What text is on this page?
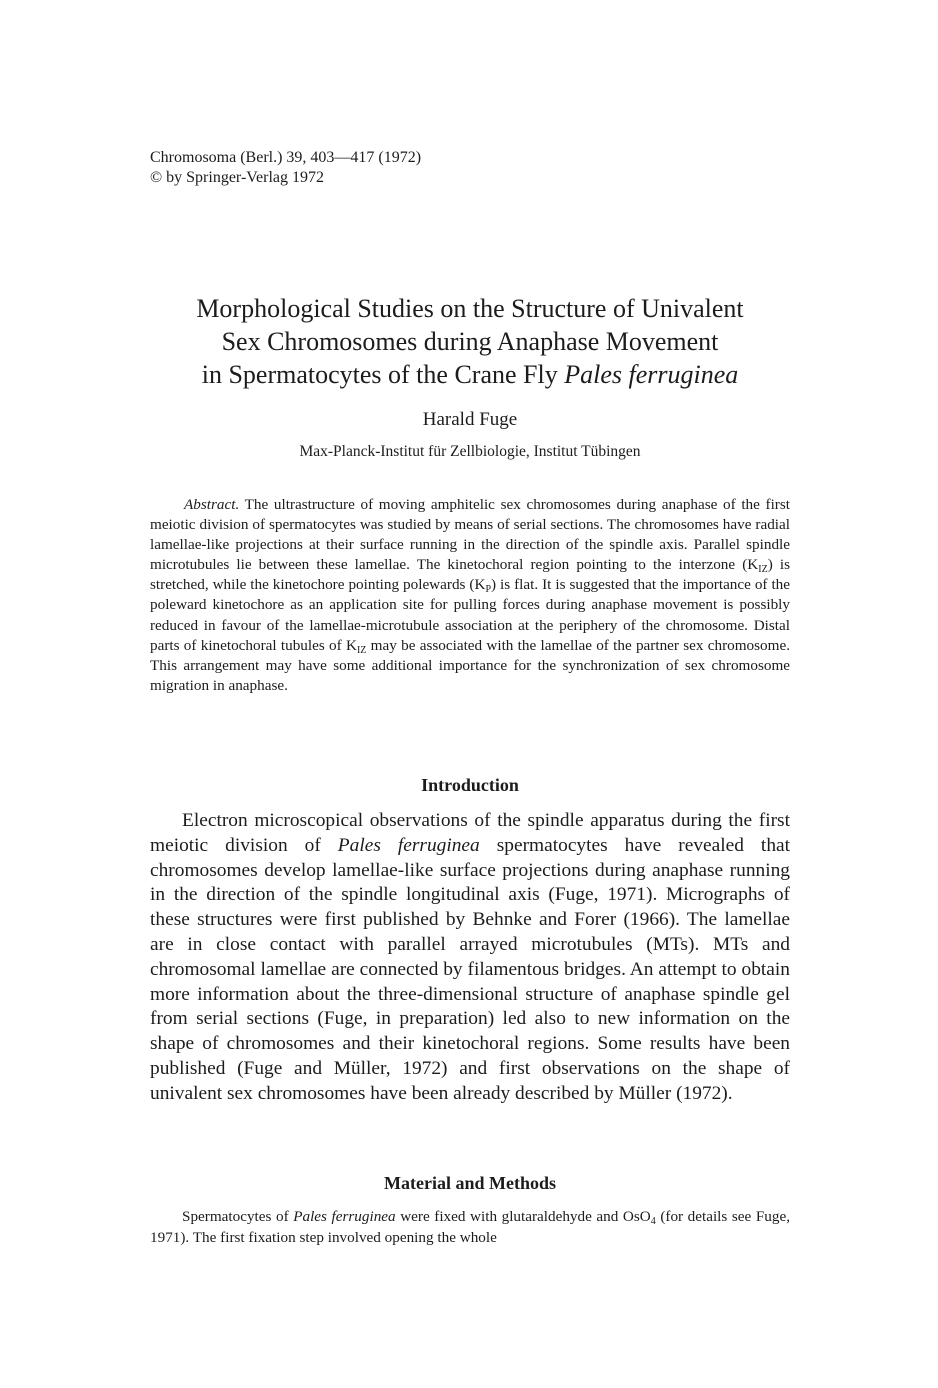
Chromosoma (Berl.) 39, 403—417 (1972)
© by Springer-Verlag 1972
Morphological Studies on the Structure of Univalent
Sex Chromosomes during Anaphase Movement
in Spermatocytes of the Crane Fly Pales ferruginea
Harald Fuge
Max-Planck-Institut für Zellbiologie, Institut Tübingen
Abstract. The ultrastructure of moving amphitelic sex chromosomes during anaphase of the first meiotic division of spermatocytes was studied by means of serial sections. The chromosomes have radial lamellae-like projections at their surface running in the direction of the spindle axis. Parallel spindle microtubules lie between these lamellae. The kinetochoral region pointing to the interzone $(K_{IZ})$ is stretched, while the kinetochore pointing polewards $(K_P)$ is flat. It is suggested that the importance of the poleward kinetochore as an application site for pulling forces during anaphase movement is possibly reduced in favour of the lamellae-microtubule association at the periphery of the chromosome. Distal parts of kinetochoral tubules of $K_{IZ}$ may be associated with the lamellae of the partner sex chromosome. This arrangement may have some additional importance for the synchronization of sex chromosome migration in anaphase.
Introduction
Electron microscopical observations of the spindle apparatus during the first meiotic division of Pales ferruginea spermatocytes have revealed that chromosomes develop lamellae-like surface projections during anaphase running in the direction of the spindle longitudinal axis (Fuge, 1971). Micrographs of these structures were first published by Behnke and Forer (1966). The lamellae are in close contact with parallel arrayed microtubules (MTs). MTs and chromosomal lamellae are connected by filamentous bridges. An attempt to obtain more information about the three-dimensional structure of anaphase spindle gel from serial sections (Fuge, in preparation) led also to new information on the shape of chromosomes and their kinetochoral regions. Some results have been published (Fuge and Müller, 1972) and first observations on the shape of univalent sex chromosomes have been already described by Müller (1972).
Material and Methods
Spermatocytes of Pales ferruginea were fixed with glutaraldehyde and OsO$_4$ (for details see Fuge, 1971). The first fixation step involved opening the whole
